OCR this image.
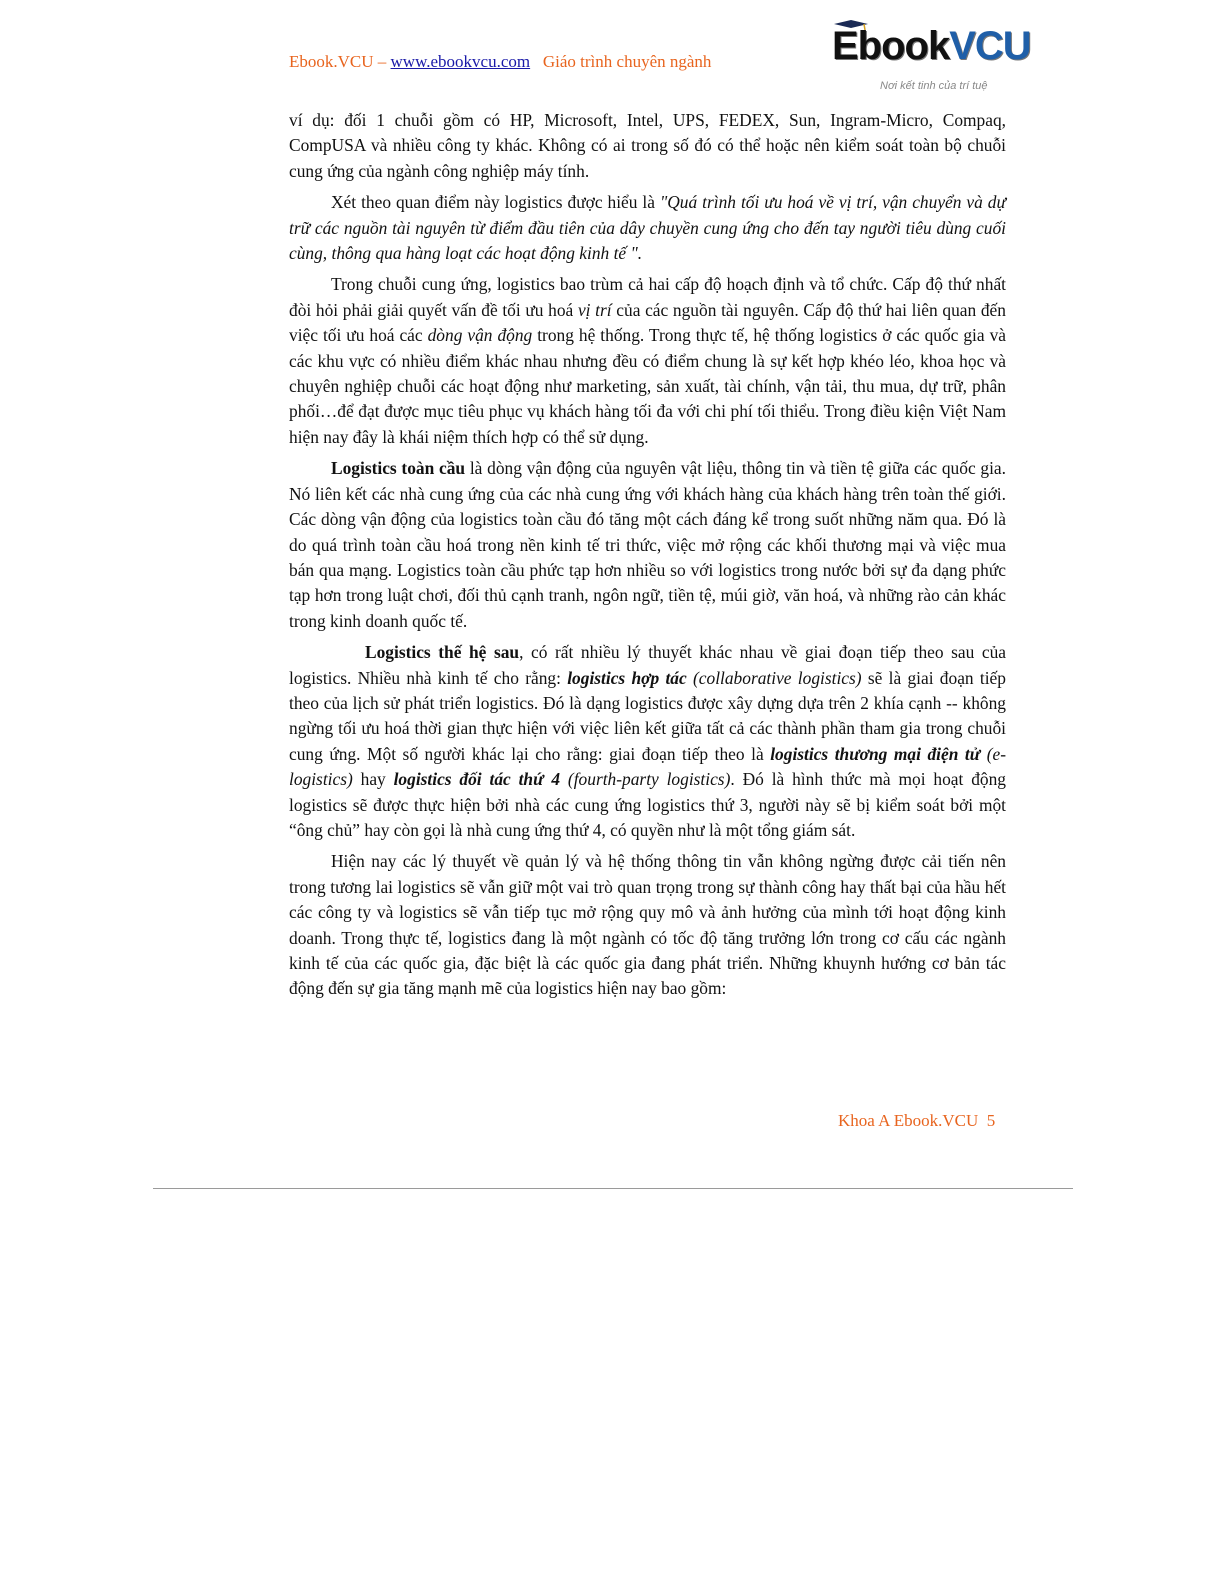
Ebook.VCU – www.ebookvcu.com Giáo trình chuyên ngành	EbookVCU
Nơi kết tinh của trí tuệ

ví dụ: đối 1 chuỗi gồm có HP, Microsoft, Intel, UPS, FEDEX, Sun, Ingram-Micro, Compaq, CompUSA và nhiều công ty khác. Không có ai trong số đó có thể hoặc nên kiểm soát toàn bộ chuỗi cung ứng của ngành công nghiệp máy tính.

Xét theo quan điểm này logistics được hiểu là "Quá trình tối ưu hoá về vị trí, vận chuyển và dự trữ các nguồn tài nguyên từ điểm đầu tiên của dây chuyền cung ứng cho đến tay người tiêu dùng cuối cùng, thông qua hàng loạt các hoạt động kinh tế ".

Trong chuỗi cung ứng, logistics bao trùm cả hai cấp độ hoạch định và tổ chức. Cấp độ thứ nhất đòi hỏi phải giải quyết vấn đề tối ưu hoá vị trí của các nguồn tài nguyên. Cấp độ thứ hai liên quan đến việc tối ưu hoá các dòng vận động trong hệ thống. Trong thực tế, hệ thống logistics ở các quốc gia và các khu vực có nhiều điểm khác nhau nhưng đều có điểm chung là sự kết hợp khéo léo, khoa học và chuyên nghiệp chuỗi các hoạt động như marketing, sản xuất, tài chính, vận tải, thu mua, dự trữ, phân phối…để đạt được mục tiêu phục vụ khách hàng tối đa với chi phí tối thiểu. Trong điều kiện Việt Nam hiện nay đây là khái niệm thích hợp có thể sử dụng.

Logistics toàn cầu là dòng vận động của nguyên vật liệu, thông tin và tiền tệ giữa các quốc gia. Nó liên kết các nhà cung ứng của các nhà cung ứng với khách hàng của khách hàng trên toàn thế giới. Các dòng vận động của logistics toàn cầu đó tăng một cách đáng kể trong suốt những năm qua. Đó là do quá trình toàn cầu hoá trong nền kinh tế tri thức, việc mở rộng các khối thương mại và việc mua bán qua mạng. Logistics toàn cầu phức tạp hơn nhiều so với logistics trong nước bởi sự đa dạng phức tạp hơn trong luật chơi, đối thủ cạnh tranh, ngôn ngữ, tiền tệ, múi giờ, văn hoá, và những rào cản khác trong kinh doanh quốc tế.

Logistics thế hệ sau, có rất nhiều lý thuyết khác nhau về giai đoạn tiếp theo sau của logistics. Nhiều nhà kinh tế cho rằng: logistics hợp tác (collaborative logistics) sẽ là giai đoạn tiếp theo của lịch sử phát triển logistics. Đó là dạng logistics được xây dựng dựa trên 2 khía cạnh -- không ngừng tối ưu hoá thời gian thực hiện với việc liên kết giữa tất cả các thành phần tham gia trong chuỗi cung ứng. Một số người khác lại cho rằng: giai đoạn tiếp theo là logistics thương mại điện tử (e- logistics) hay logistics đối tác thứ 4 (fourth-party logistics). Đó là hình thức mà mọi hoạt động logistics sẽ được thực hiện bởi nhà các cung ứng logistics thứ 3, người này sẽ bị kiểm soát bởi một “ông chủ” hay còn gọi là nhà cung ứng thứ 4, có quyền như là một tổng giám sát.

Hiện nay các lý thuyết về quản lý và hệ thống thông tin vẫn không ngừng được cải tiến nên trong tương lai logistics sẽ vẫn giữ một vai trò quan trọng trong sự thành công hay thất bại của hầu hết các công ty và logistics sẽ vẫn tiếp tục mở rộng quy mô và ảnh hưởng của mình tới hoạt động kinh doanh. Trong thực tế, logistics đang là một ngành có tốc độ tăng trưởng lớn trong cơ cấu các ngành kinh tế của các quốc gia, đặc biệt là các quốc gia đang phát triển. Những khuynh hướng cơ bản tác động đến sự gia tăng mạnh mẽ của logistics hiện nay bao gồm:

Khoa A Ebook.VCU 5
